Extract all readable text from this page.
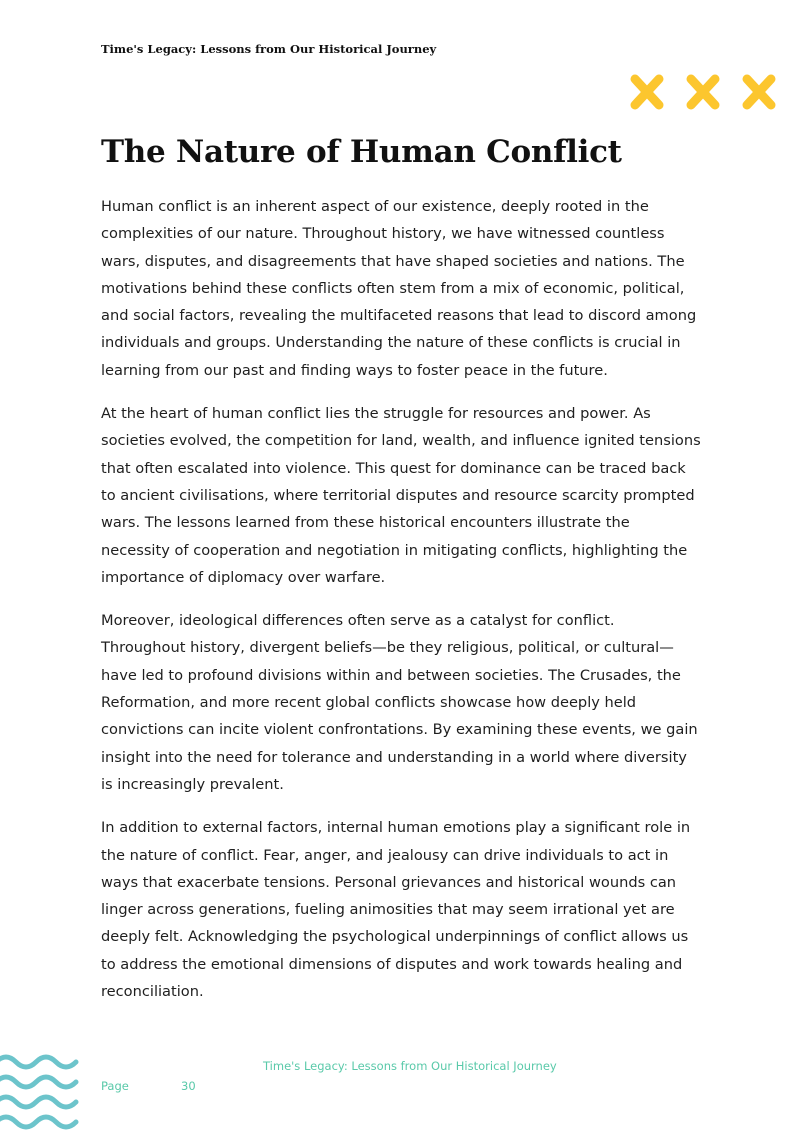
Time's Legacy: Lessons from Our Historical Journey
The Nature of Human Conflict

Human conflict is an inherent aspect of our existence, deeply rooted in the complexities of our nature. Throughout history, we have witnessed countless wars, disputes, and disagreements that have shaped societies and nations. The motivations behind these conflicts often stem from a mix of economic, political, and social factors, revealing the multifaceted reasons that lead to discord among individuals and groups. Understanding the nature of these conflicts is crucial in learning from our past and finding ways to foster peace in the future.

At the heart of human conflict lies the struggle for resources and power. As societies evolved, the competition for land, wealth, and influence ignited tensions that often escalated into violence. This quest for dominance can be traced back to ancient civilisations, where territorial disputes and resource scarcity prompted wars. The lessons learned from these historical encounters illustrate the necessity of cooperation and negotiation in mitigating conflicts, highlighting the importance of diplomacy over warfare.

Moreover, ideological differences often serve as a catalyst for conflict. Throughout history, divergent beliefs—be they religious, political, or cultural—have led to profound divisions within and between societies. The Crusades, the Reformation, and more recent global conflicts showcase how deeply held convictions can incite violent confrontations. By examining these events, we gain insight into the need for tolerance and understanding in a world where diversity is increasingly prevalent.

In addition to external factors, internal human emotions play a significant role in the nature of conflict. Fear, anger, and jealousy can drive individuals to act in ways that exacerbate tensions. Personal grievances and historical wounds can linger across generations, fueling animosities that may seem irrational yet are deeply felt. Acknowledging the psychological underpinnings of conflict allows us to address the emotional dimensions of disputes and work towards healing and reconciliation.

Time's Legacy: Lessons from Our Historical Journey
Page	30
